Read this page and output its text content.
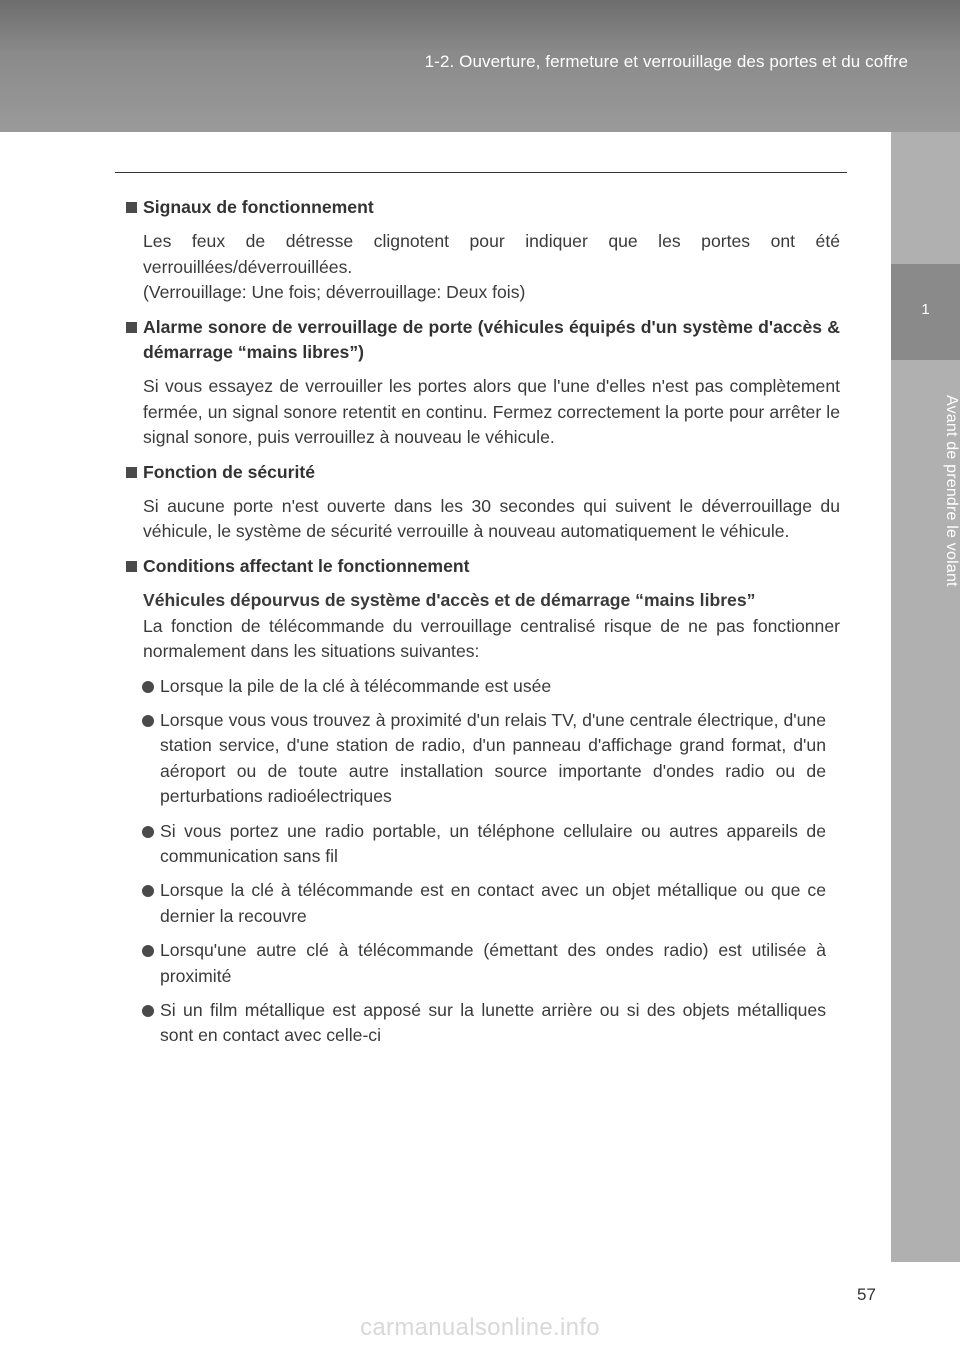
1-2. Ouverture, fermeture et verrouillage des portes et du coffre
1
Avant de prendre le volant
Signaux de fonctionnement
Les feux de détresse clignotent pour indiquer que les portes ont été verrouillées/déverrouillées.
(Verrouillage: Une fois; déverrouillage: Deux fois)
Alarme sonore de verrouillage de porte (véhicules équipés d'un système d'accès & démarrage “mains libres”)
Si vous essayez de verrouiller les portes alors que l'une d'elles n'est pas complètement fermée, un signal sonore retentit en continu. Fermez correctement la porte pour arrêter le signal sonore, puis verrouillez à nouveau le véhicule.
Fonction de sécurité
Si aucune porte n'est ouverte dans les 30 secondes qui suivent le déverrouillage du véhicule, le système de sécurité verrouille à nouveau automatiquement le véhicule.
Conditions affectant le fonctionnement
Véhicules dépourvus de système d'accès et de démarrage “mains libres”
La fonction de télécommande du verrouillage centralisé risque de ne pas fonctionner normalement dans les situations suivantes:
Lorsque la pile de la clé à télécommande est usée
Lorsque vous vous trouvez à proximité d'un relais TV, d'une centrale électrique, d'une station service, d'une station de radio, d'un panneau d'affichage grand format, d'un aéroport ou de toute autre installation source importante d'ondes radio ou de perturbations radioélectriques
Si vous portez une radio portable, un téléphone cellulaire ou autres appareils de communication sans fil
Lorsque la clé à télécommande est en contact avec un objet métallique ou que ce dernier la recouvre
Lorsqu'une autre clé à télécommande (émettant des ondes radio) est utilisée à proximité
Si un film métallique est apposé sur la lunette arrière ou si des objets métalliques sont en contact avec celle-ci
57
carmanualsonline.info
